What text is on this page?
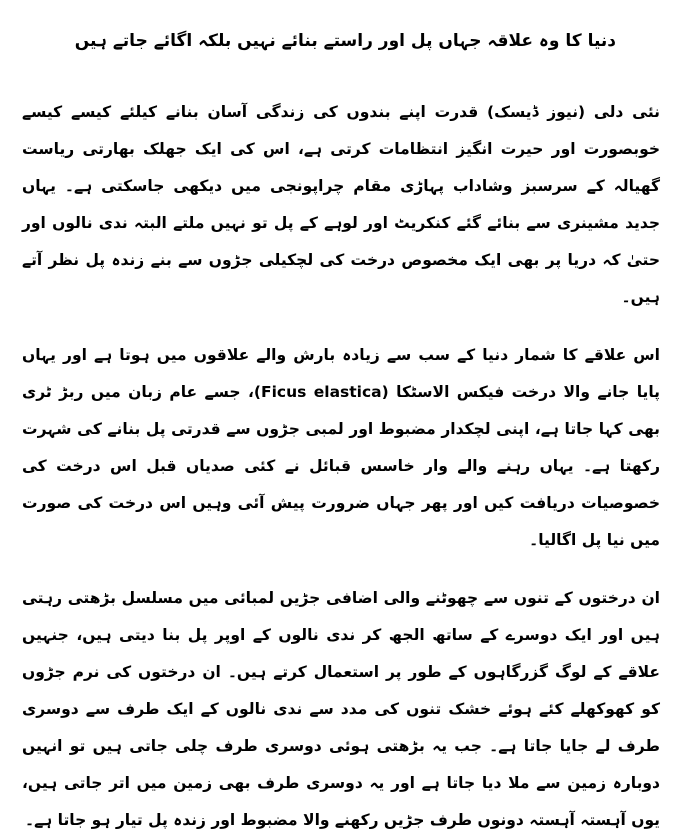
دنیا کا وہ علاقہ جہاں پل اور راستے بنائے نہیں بلکہ اگائے جاتے ہیں

نئی دلی (نیوز ڈیسک) قدرت اپنے بندوں کی زندگی آسان بنانے کیلئے کیسے کیسے خوبصورت اور حیرت انگیز انتظامات کرتی ہے، اس کی ایک جھلک بھارتی ریاست گھیالہ کے سرسبز وشاداب پہاڑی مقام چراپونجی میں دیکھی جاسکتی ہے۔ یہاں جدید مشینری سے بنائے گئے کنکریٹ اور لوہے کے پل تو نہیں ملتے البتہ ندی نالوں اور حتیٰ کہ دریا پر بھی ایک مخصوص درخت کی لچکیلی جڑوں سے بنے زندہ پل نظر آتے ہیں۔

اس علاقے کا شمار دنیا کے سب سے زیادہ بارش والے علاقوں میں ہوتا ہے اور یہاں پایا جانے والا درخت فیکس الاسٹکا (Ficus elastica)، جسے عام زبان میں ربڑ ٹری بھی کہا جاتا ہے، اپنی لچکدار مضبوط اور لمبی جڑوں سے قدرتی پل بنانے کی شہرت رکھتا ہے۔ یہاں رہنے والے وار خاسس قبائل نے کئی صدیاں قبل اس درخت کی خصوصیات دریافت کیں اور پھر جہاں ضرورت پیش آئی وہیں اس درخت کی صورت میں نیا پل اگالیا۔

ان درختوں کے تنوں سے چھوٹنے والی اضافی جڑیں لمبائی میں مسلسل بڑھتی رہتی ہیں اور ایک دوسرے کے ساتھ الجھ کر ندی نالوں کے اوپر پل بنا دیتی ہیں، جنہیں علاقے کے لوگ گزرگاہوں کے طور پر استعمال کرتے ہیں۔ ان درختوں کی نرم جڑوں کو کھوکھلے کئے ہوئے خشک تنوں کی مدد سے ندی نالوں کے ایک طرف سے دوسری طرف لے جایا جاتا ہے۔ جب یہ بڑھتی ہوئی دوسری طرف چلی جاتی ہیں تو انہیں دوبارہ زمین سے ملا دیا جاتا ہے اور یہ دوسری طرف بھی زمین میں اتر جاتی ہیں، یوں آہستہ آہستہ دونوں طرف جڑیں رکھنے والا مضبوط اور زندہ پل تیار ہو جاتا ہے۔
